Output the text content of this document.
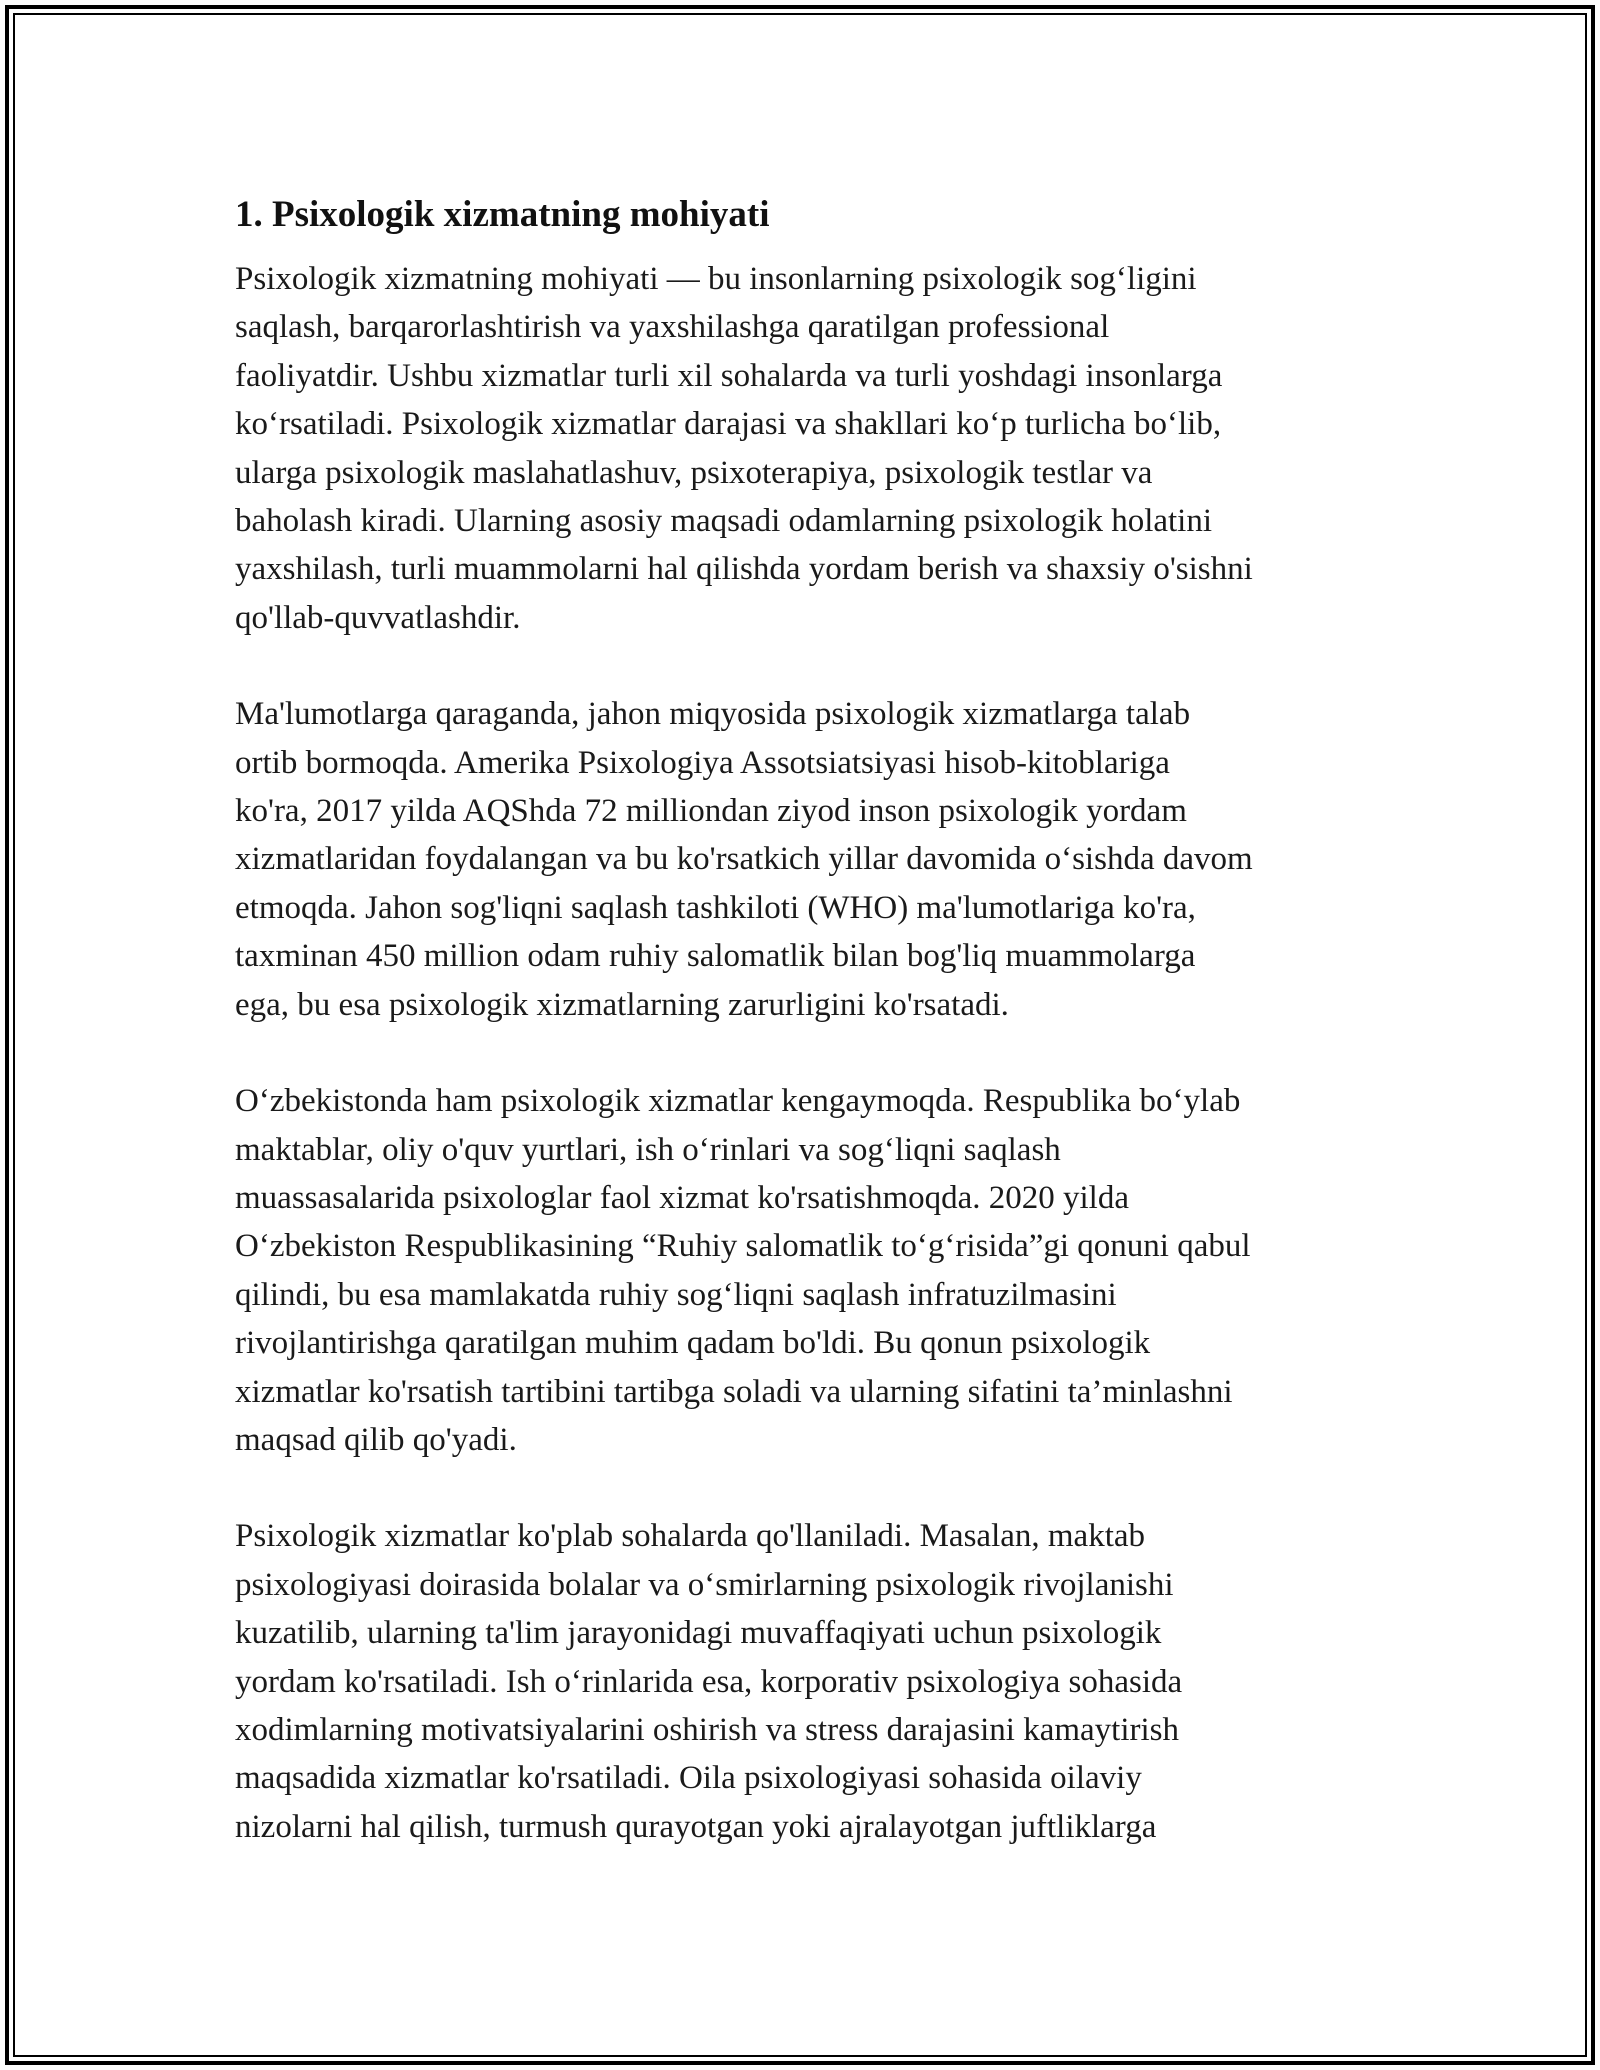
1. Psixologik xizmatning mohiyati
Psixologik xizmatning mohiyati — bu insonlarning psixologik sog‘ligini
saqlash, barqarorlashtirish va yaxshilashga qaratilgan professional
faoliyatdir. Ushbu xizmatlar turli xil sohalarda va turli yoshdagi insonlarga
ko‘rsatiladi. Psixologik xizmatlar darajasi va shakllari ko‘p turlicha bo‘lib,
ularga psixologik maslahatlashuv, psixoterapiya, psixologik testlar va
baholash kiradi. Ularning asosiy maqsadi odamlarning psixologik holatini
yaxshilash, turli muammolarni hal qilishda yordam berish va shaxsiy o'sishni
qo'llab-quvvatlashdir.
Ma'lumotlarga qaraganda, jahon miqyosida psixologik xizmatlarga talab
ortib bormoqda. Amerika Psixologiya Assotsiatsiyasi hisob-kitoblariga
ko'ra, 2017 yilda AQShda 72 milliondan ziyod inson psixologik yordam
xizmatlaridan foydalangan va bu ko'rsatkich yillar davomida o‘sishda davom
etmoqda. Jahon sog'liqni saqlash tashkiloti (WHO) ma'lumotlariga ko'ra,
taxminan 450 million odam ruhiy salomatlik bilan bog'liq muammolarga
ega, bu esa psixologik xizmatlarning zarurligini ko'rsatadi.
O‘zbekistonda ham psixologik xizmatlar kengaymoqda. Respublika bo‘ylab
maktablar, oliy o'quv yurtlari, ish o‘rinlari va sog‘liqni saqlash
muassasalarida psixologlar faol xizmat ko'rsatishmoqda. 2020 yilda
O‘zbekiston Respublikasining “Ruhiy salomatlik to‘g‘risida”gi qonuni qabul
qilindi, bu esa mamlakatda ruhiy sog‘liqni saqlash infratuzilmasini
rivojlantirishga qaratilgan muhim qadam bo'ldi. Bu qonun psixologik
xizmatlar ko'rsatish tartibini tartibga soladi va ularning sifatini ta’minlashni
maqsad qilib qo'yadi.
Psixologik xizmatlar ko'plab sohalarda qo'llaniladi. Masalan, maktab
psixologiyasi doirasida bolalar va o‘smirlarning psixologik rivojlanishi
kuzatilib, ularning ta'lim jarayonidagi muvaffaqiyati uchun psixologik
yordam ko'rsatiladi. Ish o‘rinlarida esa, korporativ psixologiya sohasida
xodimlarning motivatsiyalarini oshirish va stress darajasini kamaytirish
maqsadida xizmatlar ko'rsatiladi. Oila psixologiyasi sohasida oilaviy
nizolarni hal qilish, turmush qurayotgan yoki ajralayotgan juftliklarga
